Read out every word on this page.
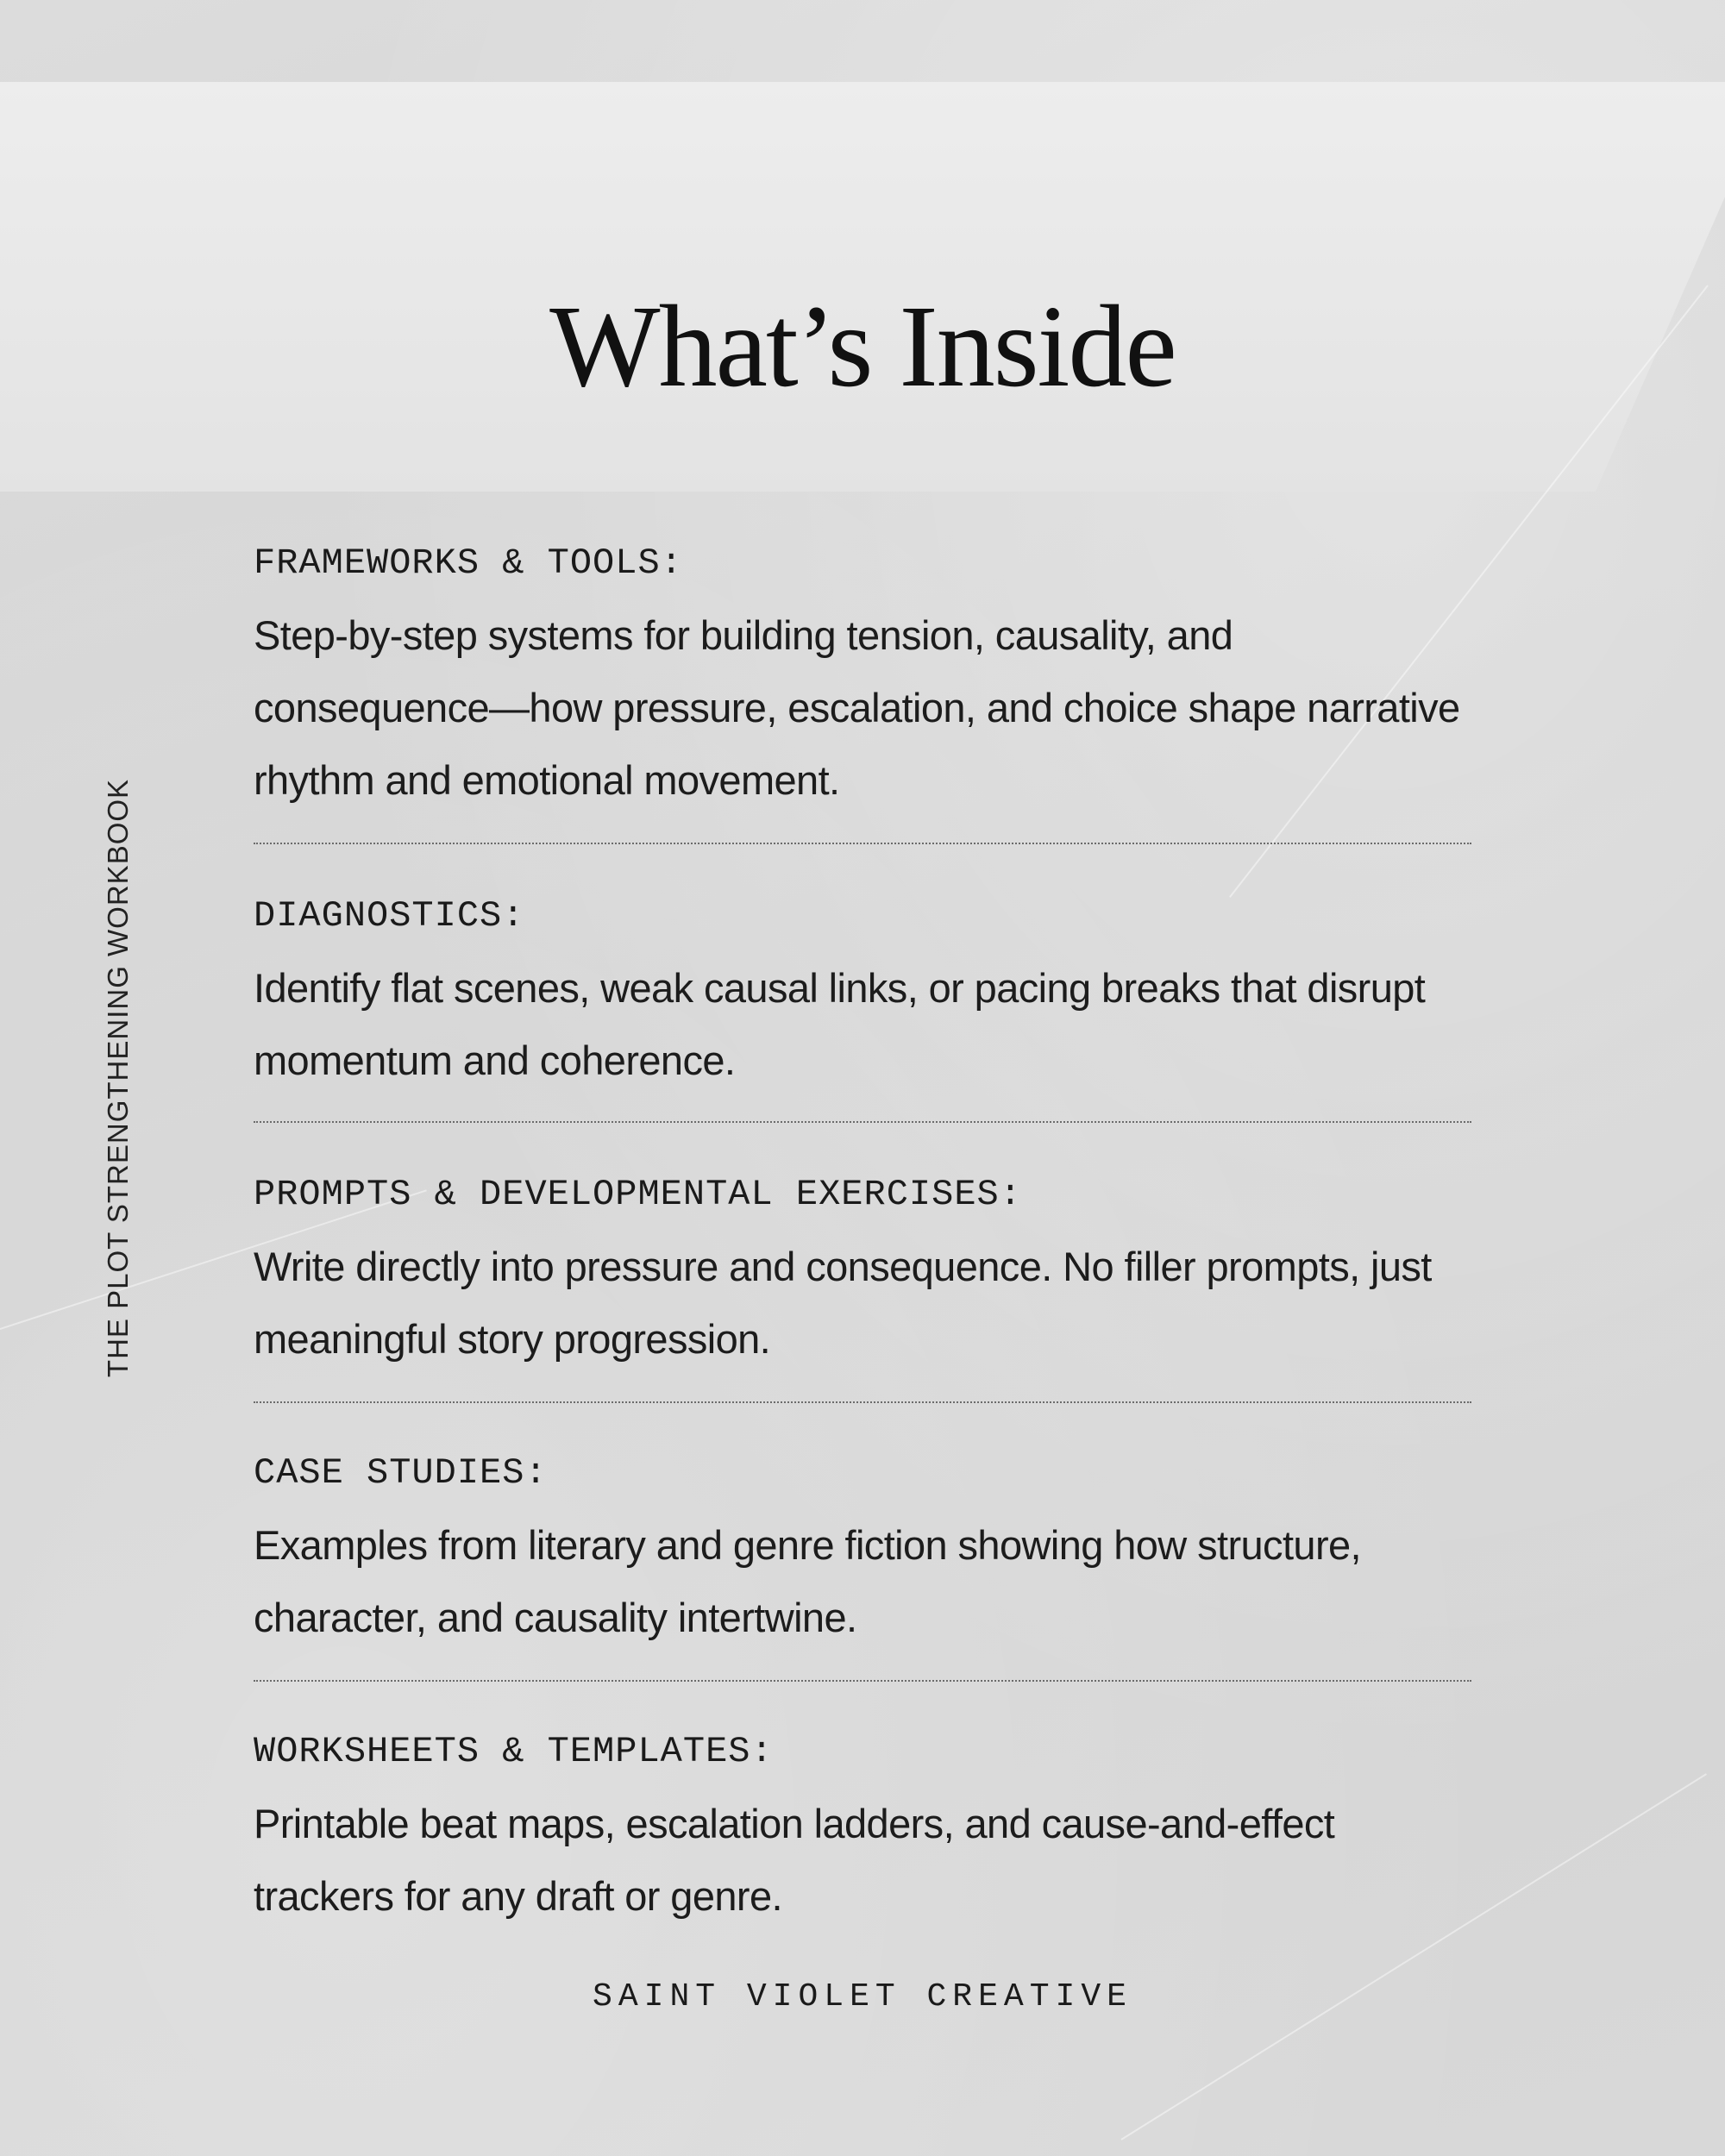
What’s Inside
THE PLOT STRENGTHENING WORKBOOK
FRAMEWORKS & TOOLS:

Step-by-step systems for building tension, causality, and consequence—how pressure, escalation, and choice shape narrative rhythm and emotional movement.

DIAGNOSTICS:

Identify flat scenes, weak causal links, or pacing breaks that disrupt momentum and coherence.

PROMPTS & DEVELOPMENTAL EXERCISES:

Write directly into pressure and consequence. No filler prompts, just meaningful story progression.

CASE STUDIES:

Examples from literary and genre fiction showing how structure, character, and causality intertwine.

WORKSHEETS & TEMPLATES:

Printable beat maps, escalation ladders, and cause-and-effect trackers for any draft or genre.

SAINT VIOLET CREATIVE
